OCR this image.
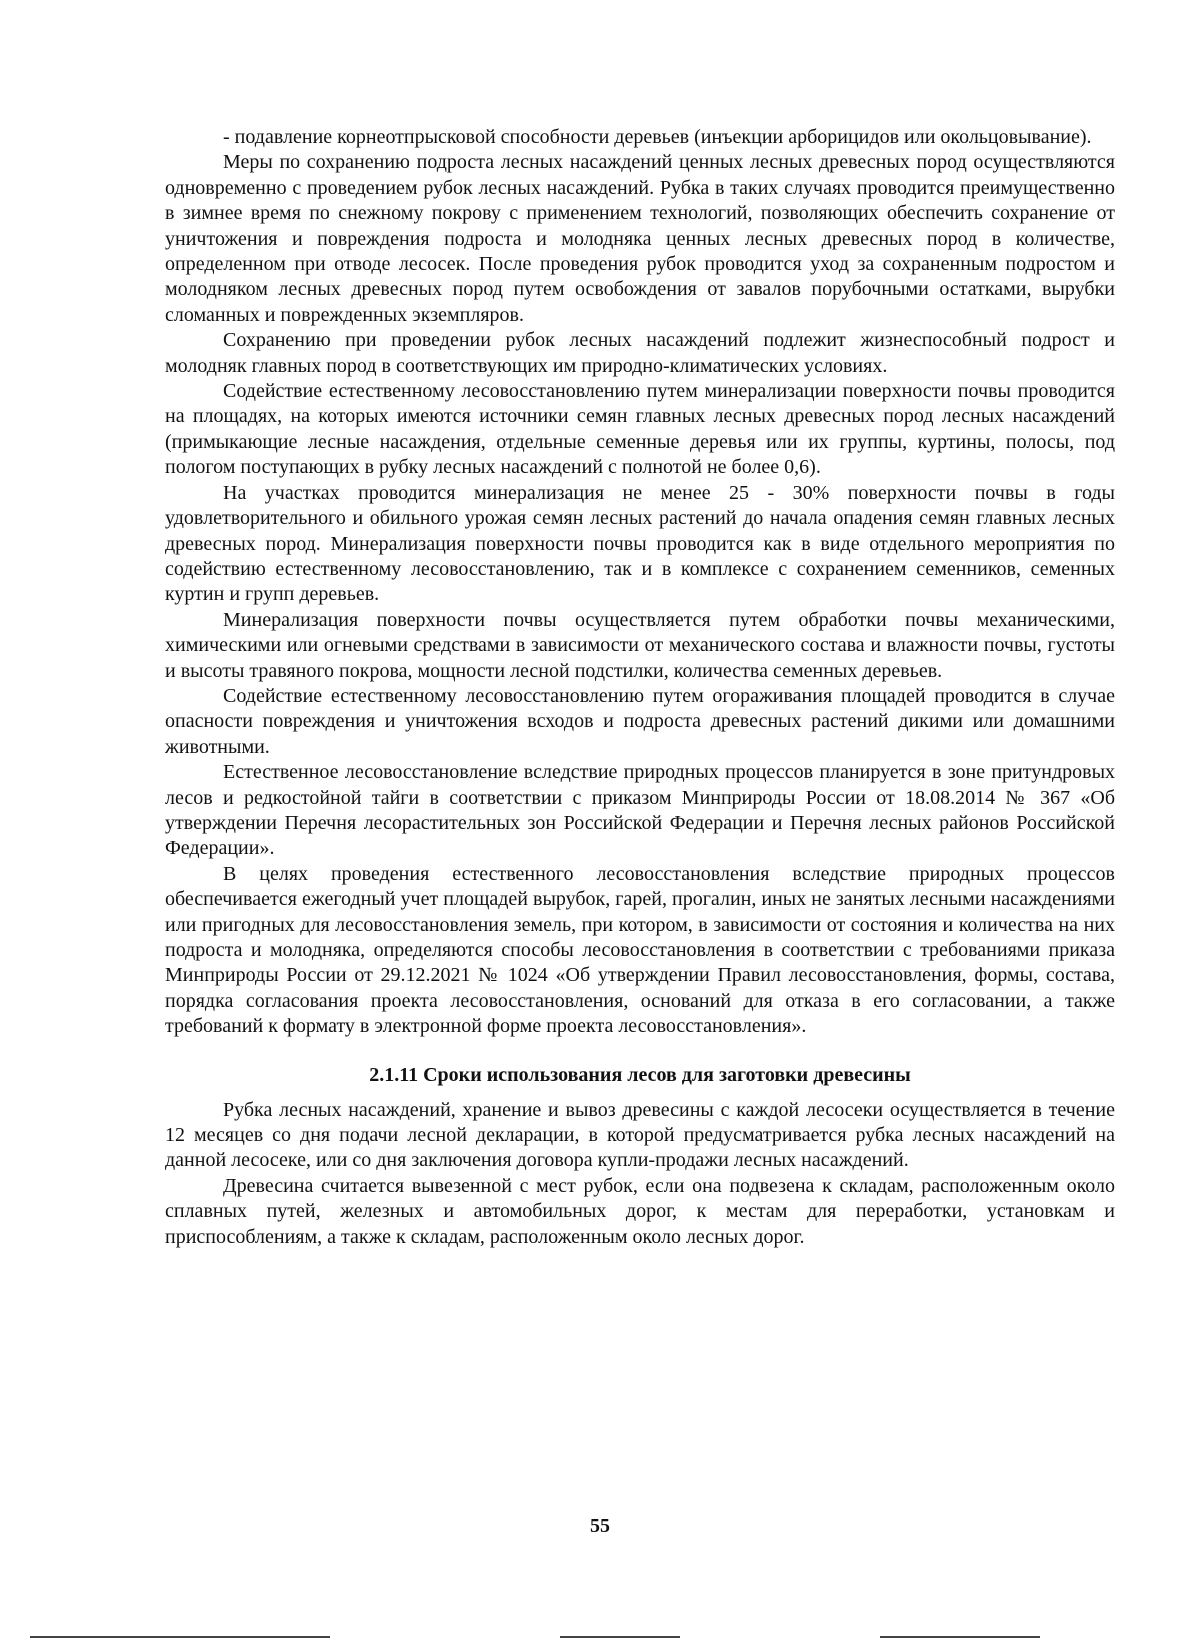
- подавление корнеотпрысковой способности деревьев (инъекции арборицидов или окольцовывание).

Меры по сохранению подроста лесных насаждений ценных лесных древесных пород осуществляются одновременно с проведением рубок лесных насаждений. Рубка в таких случаях проводится преимущественно в зимнее время по снежному покрову с применением технологий, позволяющих обеспечить сохранение от уничтожения и повреждения подроста и молодняка ценных лесных древесных пород в количестве, определенном при отводе лесосек. После проведения рубок проводится уход за сохраненным подростом и молодняком лесных древесных пород путем освобождения от завалов порубочными остатками, вырубки сломанных и поврежденных экземпляров.

Сохранению при проведении рубок лесных насаждений подлежит жизнеспособный подрост и молодняк главных пород в соответствующих им природно-климатических условиях.

Содействие естественному лесовосстановлению путем минерализации поверхности почвы проводится на площадях, на которых имеются источники семян главных лесных древесных пород лесных насаждений (примыкающие лесные насаждения, отдельные семенные деревья или их группы, куртины, полосы, под пологом поступающих в рубку лесных насаждений с полнотой не более 0,6).

На участках проводится минерализация не менее 25 - 30% поверхности почвы в годы удовлетворительного и обильного урожая семян лесных растений до начала опадения семян главных лесных древесных пород. Минерализация поверхности почвы проводится как в виде отдельного мероприятия по содействию естественному лесовосстановлению, так и в комплексе с сохранением семенников, семенных куртин и групп деревьев.

Минерализация поверхности почвы осуществляется путем обработки почвы механическими, химическими или огневыми средствами в зависимости от механического состава и влажности почвы, густоты и высоты травяного покрова, мощности лесной подстилки, количества семенных деревьев.

Содействие естественному лесовосстановлению путем огораживания площадей проводится в случае опасности повреждения и уничтожения всходов и подроста древесных растений дикими или домашними животными.

Естественное лесовосстановление вследствие природных процессов планируется в зоне притундровых лесов и редкостойной тайги в соответствии с приказом Минприроды России от 18.08.2014 № 367 «Об утверждении Перечня лесорастительных зон Российской Федерации и Перечня лесных районов Российской Федерации».

В целях проведения естественного лесовосстановления вследствие природных процессов обеспечивается ежегодный учет площадей вырубок, гарей, прогалин, иных не занятых лесными насаждениями или пригодных для лесовосстановления земель, при котором, в зависимости от состояния и количества на них подроста и молодняка, определяются способы лесовосстановления в соответствии с требованиями приказа Минприроды России от 29.12.2021 № 1024 «Об утверждении Правил лесовосстановления, формы, состава, порядка согласования проекта лесовосстановления, оснований для отказа в его согласовании, а также требований к формату в электронной форме проекта лесовосстановления».

2.1.11 Сроки использования лесов для заготовки древесины

Рубка лесных насаждений, хранение и вывоз древесины с каждой лесосеки осуществляется в течение 12 месяцев со дня подачи лесной декларации, в которой предусматривается рубка лесных насаждений на данной лесосеке, или со дня заключения договора купли-продажи лесных насаждений.

Древесина считается вывезенной с мест рубок, если она подвезена к складам, расположенным около сплавных путей, железных и автомобильных дорог, к местам для переработки, установкам и приспособлениям, а также к складам, расположенным около лесных дорог.

55
